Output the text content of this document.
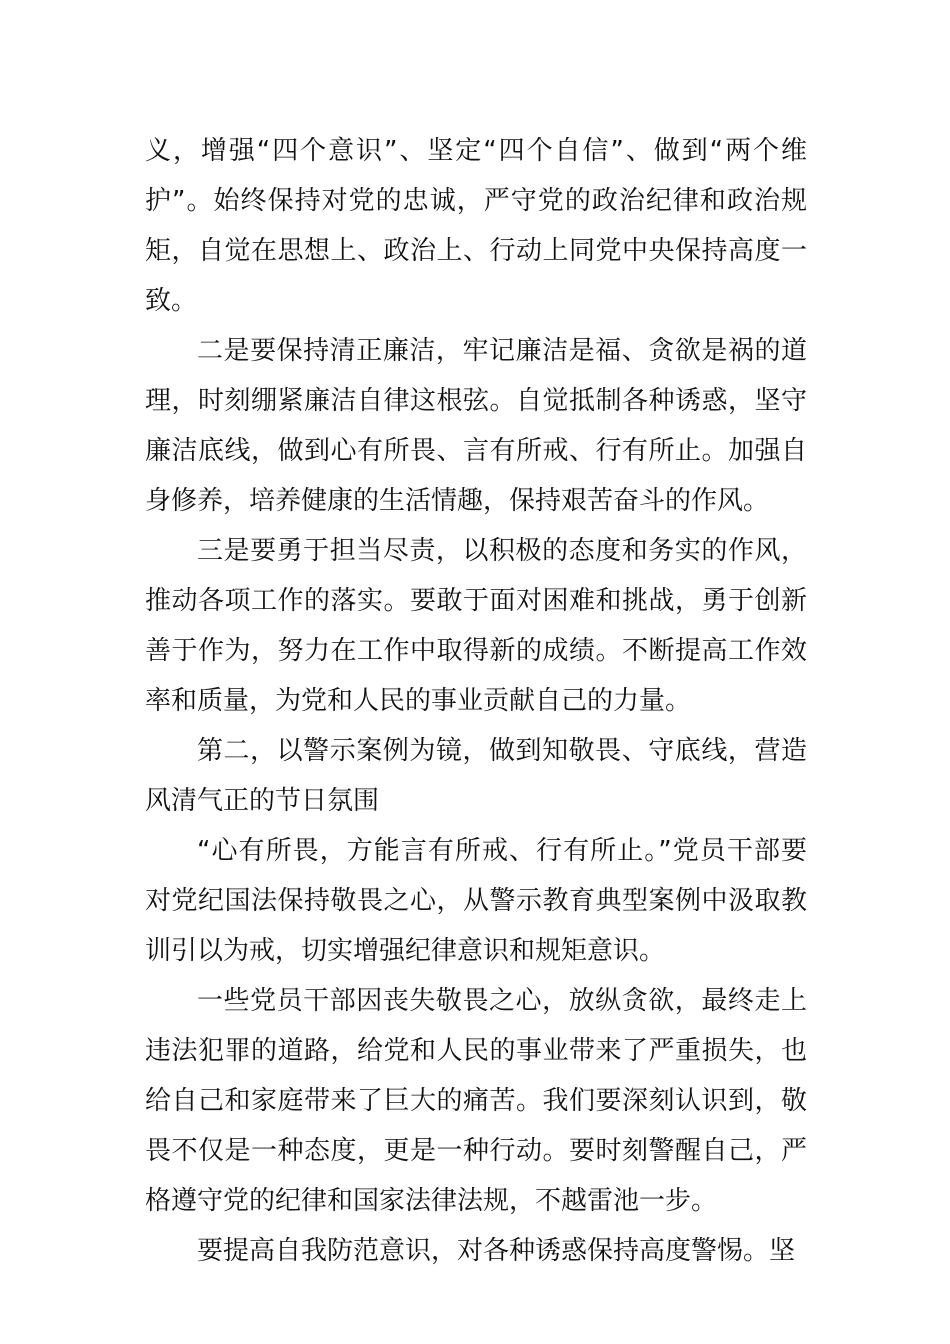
义，增强“四个意识”、坚定“四个自信”、做到“两个维护”。始终保持对党的忠诚，严守党的政治纪律和政治规矩，自觉在思想上、政治上、行动上同党中央保持高度一致。

二是要保持清正廉洁，牢记廉洁是福、贪欲是祸的道理，时刻绷紧廉洁自律这根弦。自觉抵制各种诱惑，坚守廉洁底线，做到心有所畏、言有所戒、行有所止。加强自身修养，培养健康的生活情趣，保持艰苦奋斗的作风。

三是要勇于担当尽责，以积极的态度和务实的作风，推动各项工作的落实。要敢于面对困难和挑战，勇于创新善于作为，努力在工作中取得新的成绩。不断提高工作效率和质量，为党和人民的事业贡献自己的力量。

第二，以警示案例为镜，做到知敬畏、守底线，营造风清气正的节日氛围

“心有所畏，方能言有所戒、行有所止。”党员干部要对党纪国法保持敬畏之心，从警示教育典型案例中汲取教训引以为戒，切实增强纪律意识和规矩意识。

一些党员干部因丧失敬畏之心，放纵贪欲，最终走上违法犯罪的道路，给党和人民的事业带来了严重损失，也给自己和家庭带来了巨大的痛苦。我们要深刻认识到，敬畏不仅是一种态度，更是一种行动。要时刻警醒自己，严格遵守党的纪律和国家法律法规，不越雷池一步。

要提高自我防范意识，对各种诱惑保持高度警惕。坚
